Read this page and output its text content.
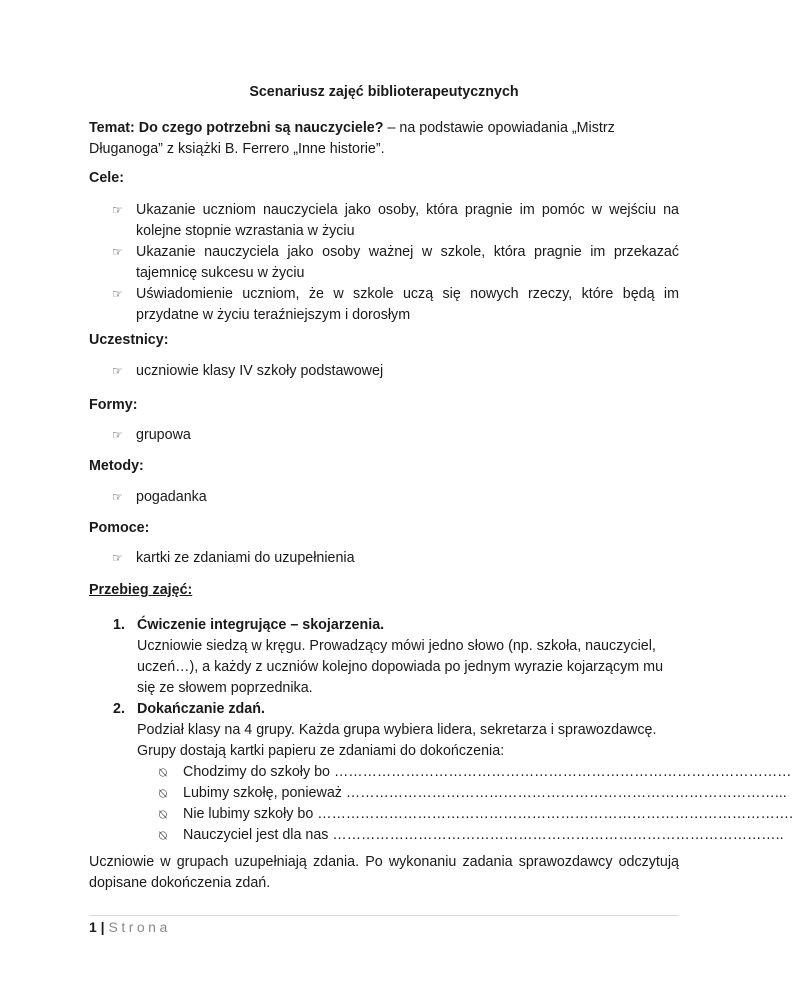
Scenariusz zajęć biblioterapeutycznych
Temat: Do czego potrzebni są nauczyciele? – na podstawie opowiadania „Mistrz Długanoga” z książki B. Ferrero „Inne historie”.
Cele:
☞ Ukazanie uczniom nauczyciela jako osoby, która pragnie im pomóc w wejściu na kolejne stopnie wzrastania w życiu
☞ Ukazanie nauczyciela jako osoby ważnej w szkole, która pragnie im przekazać tajemnicę sukcesu w życiu
☞ Uświadomienie uczniom, że w szkole uczą się nowych rzeczy, które będą im przydatne w życiu teraźniejszym i dorosłym
Uczestnicy:
☞ uczniowie klasy IV szkoły podstawowej
Formy:
☞ grupowa
Metody:
☞ pogadanka
Pomoce:
☞ kartki ze zdaniami do uzupełnienia
Przebieg zajęć:
1. Ćwiczenie integrujące – skojarzenia.
Uczniowie siedzą w kręgu. Prowadzący mówi jedno słowo (np. szkoła, nauczyciel, uczeń…), a każdy z uczniów kolejno dopowiada po jednym wyrazie kojarzącym mu się ze słowem poprzednika.
2. Dokańczanie zdań.
Podział klasy na 4 grupy. Każda grupa wybiera lidera, sekretarza i sprawozdawcę.
Grupy dostają kartki papieru ze zdaniami do dokończenia:
⍉	Chodzimy do szkoły bo ……………………………………………………………………………………
⍉	Lubimy szkołę, ponieważ ………………………………………………………………………………...
⍉	Nie lubimy szkoły bo ……………………………………………………………………………………….
⍉	Nauczyciel jest dla nas …………………………………………………………………………………..
Uczniowie w grupach uzupełniają zdania. Po wykonaniu zadania sprawozdawcy odczytują dopisane dokończenia zdań.
1 | Strona
